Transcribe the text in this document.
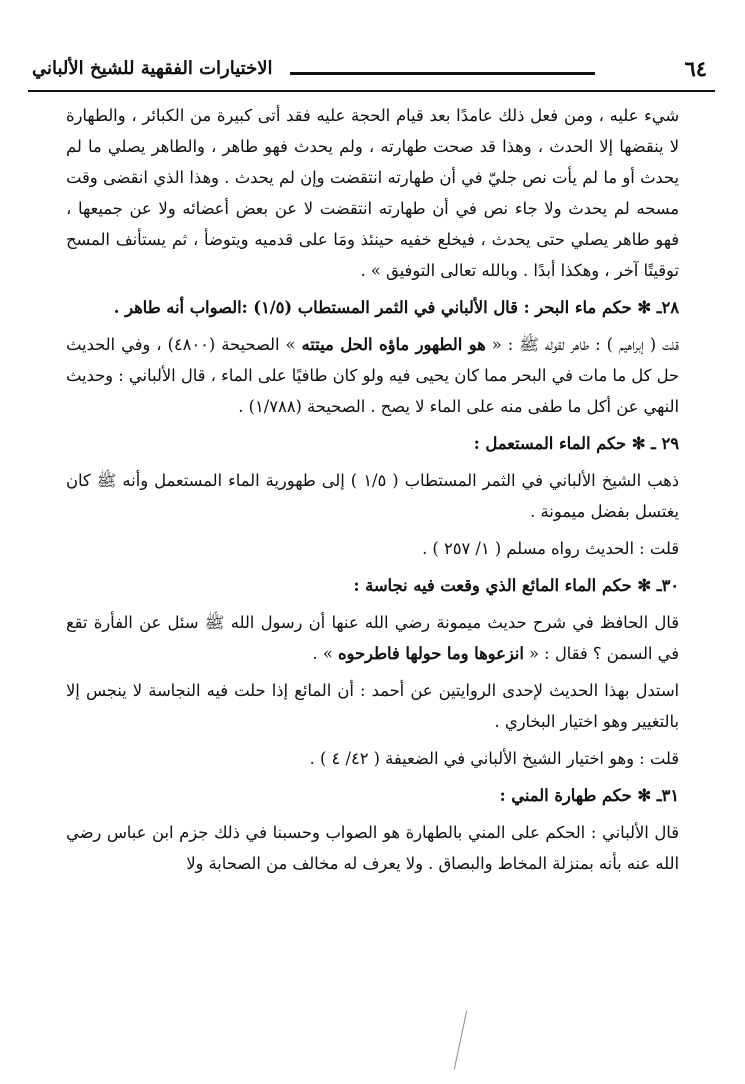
٦٤
الاختيارات الفقهية للشيخ الألباني

شيء عليه ، ومن فعل ذلك عامدًا بعد قيام الحجة عليه فقد أتى كبيرة من الكبائر ، والطهارة لا ينقضها إلا الحدث ، وهذا قد صحت طهارته ، ولم يحدث فهو طاهر ، والطاهر يصلي ما لم يحدث أو ما لم يأت نص جليّ في أن طهارته انتقضت وإن لم يحدث . وهذا الذي انقضى وقت مسحه لم يحدث ولا جاء نص في أن طهارته انتقضت لا عن بعض أعضائه ولا عن جميعها ، فهو طاهر يصلي حتى يحدث ، فيخلع خفيه حينئذ ومَا على قدميه ويتوضأ ، ثم يستأنف المسح توقيتًا آخر ، وهكذا أبدًا . وبالله تعالى التوفيق » .

٢٨ـ ✻ حكم ماء البحر : قال الألباني في الثمر المستطاب (١/٥) :الصواب أنه طاهر .

قلت ( إبراهيم ) : طاهر لقوله ﷺ : « هو الطهور ماؤه الحل ميتته » الصحيحة (٤٨٠٠) ، وفي الحديث حل كل ما مات في البحر مما كان يحيى فيه ولو كان طافيًا على الماء ، قال الألباني : وحديث النهي عن أكل ما طفى منه على الماء لا يصح . الصحيحة (١/٧٨٨) .

٢٩ ـ ✻ حكم الماء المستعمل :

ذهب الشيخ الألباني في الثمر المستطاب ( ١/٥ ) إلى طهورية الماء المستعمل وأنه ﷺ كان يغتسل بفضل ميمونة .

قلت : الحديث رواه مسلم ( ١/ ٢٥٧ ) .

٣٠ـ ✻ حكم الماء المائع الذي وقعت فيه نجاسة :

قال الحافظ في شرح حديث ميمونة رضي الله عنها أن رسول الله ﷺ سئل عن الفأرة تقع في السمن ؟ فقال : « انزعوها وما حولها فاطرحوه » .

استدل بهذا الحديث لإحدى الروايتين عن أحمد : أن المائع إذا حلت فيه النجاسة لا ينجس إلا بالتغيير وهو اختيار البخاري .

قلت : وهو اختيار الشيخ الألباني في الضعيفة ( ٤٢/ ٤ ) .

٣١ـ ✻ حكم طهارة المني :

قال الألباني : الحكم على المني بالطهارة هو الصواب وحسبنا في ذلك جزم ابن عباس رضي الله عنه بأنه بمنزلة المخاط والبصاق . ولا يعرف له مخالف من الصحابة ولا
